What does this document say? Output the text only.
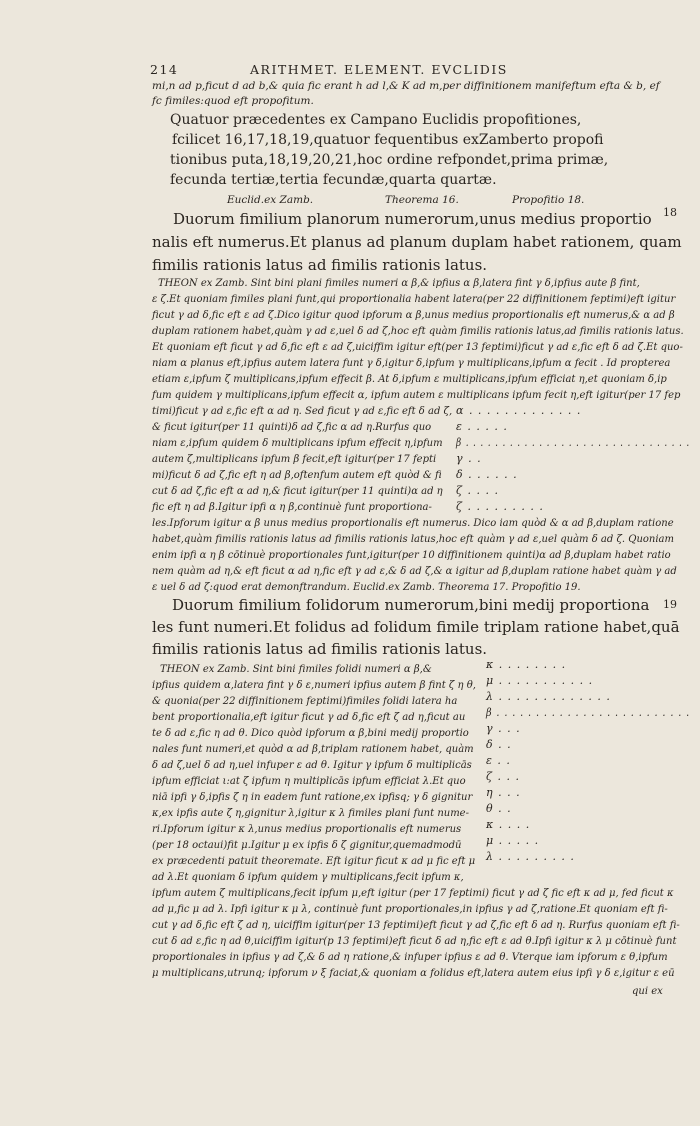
214	ARITHMET. ELEMENT. EVCLIDIS
mi,n ad p,ficut d ad b,& quia fic erant h ad l,& K ad m,per diffinitionem manifeftum efta & b, ef
fc fimiles:quod eft propofitum.
Quatuor præcedentes ex Campano Euclidis propofitiones,
fcilicet 16,17,18,19,quatuor fequentibus exZamberto propofi
tionibus puta,18,19,20,21,hoc ordine refpondet,prima primæ,
fecunda tertiæ,tertia fecundæ,quarta quartæ.
Euclid.ex Zamb.	Theorema 16.	Propofitio 18.
Duorum fimilium planorum numerorum,unus medius proportio 18
nalis eft numerus.Et planus ad planum duplam habet rationem, quam
fimilis rationis latus ad fimilis rationis latus.
THEON ex Zamb. Sint bini plani fimiles numeri α β,& ipfius α β,latera fint γ δ,ipfius aute β fint,
ε ζ.Et quoniam fimiles plani funt,qui proportionalia habent latera(per 22 diffinitionem feptimi)eft igitur
ficut γ ad δ,fic eft ε ad ζ.Dico igitur quod ipforum α β,unus medius proportionalis eft numerus,& α ad β
duplam rationem habet,quàm γ ad ε,uel δ ad ζ,hoc eft quàm fimilis rationis latus,ad fimilis rationis latus.
Et quoniam eft ficut γ ad δ,fic eft ε ad ζ,uiciffim igitur eft(per 13 feptimi)ficut γ ad ε,fic eft δ ad ζ.Et quo-
niam α planus eft,ipfius autem latera funt γ δ,igitur δ,ipfum γ multiplicans,ipfum α fecit . Id propterea
etiam ε,ipfum ζ multiplicans,ipfum effecit β. At δ,ipfum ε multiplicans,ipfum efficiat η,et quoniam δ,ip
fum quidem γ multiplicans,ipfum effecit α, ipfum autem ε multiplicans ipfum fecit η,eft igitur(per 17 fep
timi)ficut γ ad ε,fic eft α ad η. Sed ficut γ ad ε,fic eft δ ad ζ,
& ficut igitur(per 11 quinti)δ ad ζ,fic α ad η.Rurfus quo
niam ε,ipfum quidem δ multiplicans ipfum effecit η,ipfum
autem ζ,multiplicans ipfum β fecit,eft igitur(per 17 fepti
mi)ficut δ ad ζ,fic eft η ad β,oftenfum autem eft quòd & fi
cut δ ad ζ,fic eft α ad η,& ficut igitur(per 11 quinti)α ad η
fic eft η ad β.Igitur ipfi α η β,continuè funt proportiona-
α . . . . . . . . . . . . .
ε . . . . .
β . . . . . . . . . . . . . . . . . . . . . . . . . . . . . . .
γ . .
δ . . . . . .
ζ . . . .
ζ . . . . . . . . .
les.Ipforum igitur α β unus medius proportionalis eft numerus. Dico iam quòd & α ad β,duplam ratione
habet,quàm fimilis rationis latus ad fimilis rationis latus,hoc eft quàm γ ad ε,uel quàm δ ad ζ. Quoniam
enim ipfi α η β cōtinuè proportionales funt,igitur(per 10 diffinitionem quinti)α ad β,duplam habet ratio
nem quàm ad η,& eft ficut α ad η,fic eft γ ad ε,& δ ad ζ,& α igitur ad β,duplam ratione habet quàm γ ad
ε uel δ ad ζ:quod erat demonftrandum. Euclid.ex Zamb. Theorema 17. Propofitio 19.
Duorum fimilium folidorum numerorum,bini medij proportiona 19
les funt numeri.Et folidus ad folidum fimile triplam ratione habet,quā
fimilis rationis latus ad fimilis rationis latus.
THEON ex Zamb. Sint bini fimiles folidi numeri α β,&
ipfius quidem α,latera fint γ δ ε,numeri ipfius autem β fint ζ η θ,
& quonia(per 22 diffinitionem feptimi)fimiles folidi latera ha
bent proportionalia,eft igitur ficut γ ad δ,fic eft ζ ad η,ficut au
te δ ad ε,fic η ad θ. Dico quòd ipforum α β,bini medij proportio
nales funt numeri,et quòd α ad β,triplam rationem habet, quàm
δ ad ζ,uel δ ad η,uel infuper ε ad θ. Igitur γ ipfum δ multiplicās
ipfum efficiat ι:at ζ ipfum η multiplicās ipfum efficiat λ.Et quo
niā ipfi γ δ,ipfis ζ η in eadem funt ratione,ex ipfisq; γ δ gignitur
κ,ex ipfis aute ζ η,gignitur λ,igitur κ λ fimiles plani funt nume-
ri.Ipforum igitur κ λ,unus medius proportionalis eft numerus
(per 18 octaui)fit μ.Igitur μ ex ipfis δ ζ gignitur,quemadmodū
ex præcedenti patuit theoremate. Eft igitur ficut κ ad μ fic eft μ
ad λ.Et quoniam δ ipfum quidem γ multiplicans,fecit ipfum κ,
κ . . . . . . . .
μ . . . . . . . . . . .
λ . . . . . . . . . . . . .
β . . . . . . . . . . . . . . . . . . . . . . . . .
γ . . .
δ . .
ε . .
ζ . . .
η . . .
θ . .
κ . . . .
μ . . . . .
λ . . . . . . . . .
ipfum autem ζ multiplicans,fecit ipfum μ,eft igitur (per 17 feptimi) ficut γ ad ζ fic eft κ ad μ, fed ficut κ
ad μ,fic μ ad λ. Ipfi igitur κ μ λ, continuè funt proportionales,in ipfius γ ad ζ,ratione.Et quoniam eft fi-
cut γ ad δ,fic eft ζ ad η, uiciffim igitur(per 13 feptimi)eft ficut γ ad ζ,fic eft δ ad η. Rurfus quoniam eft fi-
cut δ ad ε,fic η ad θ,uiciffim igitur(p 13 feptimi)eft ficut δ ad η,fic eft ε ad θ.Ipfi igitur κ λ μ cōtinuè funt
proportionales in ipfius γ ad ζ,& δ ad η ratione,& infuper ipfius ε ad θ. Vterque iam ipforum ε θ,ipfum
μ multiplicans,utrunq; ipforum ν ξ faciat,& quoniam α folidus eft,latera autem eius ipfi γ δ ε,igitur ε eū
qui ex
